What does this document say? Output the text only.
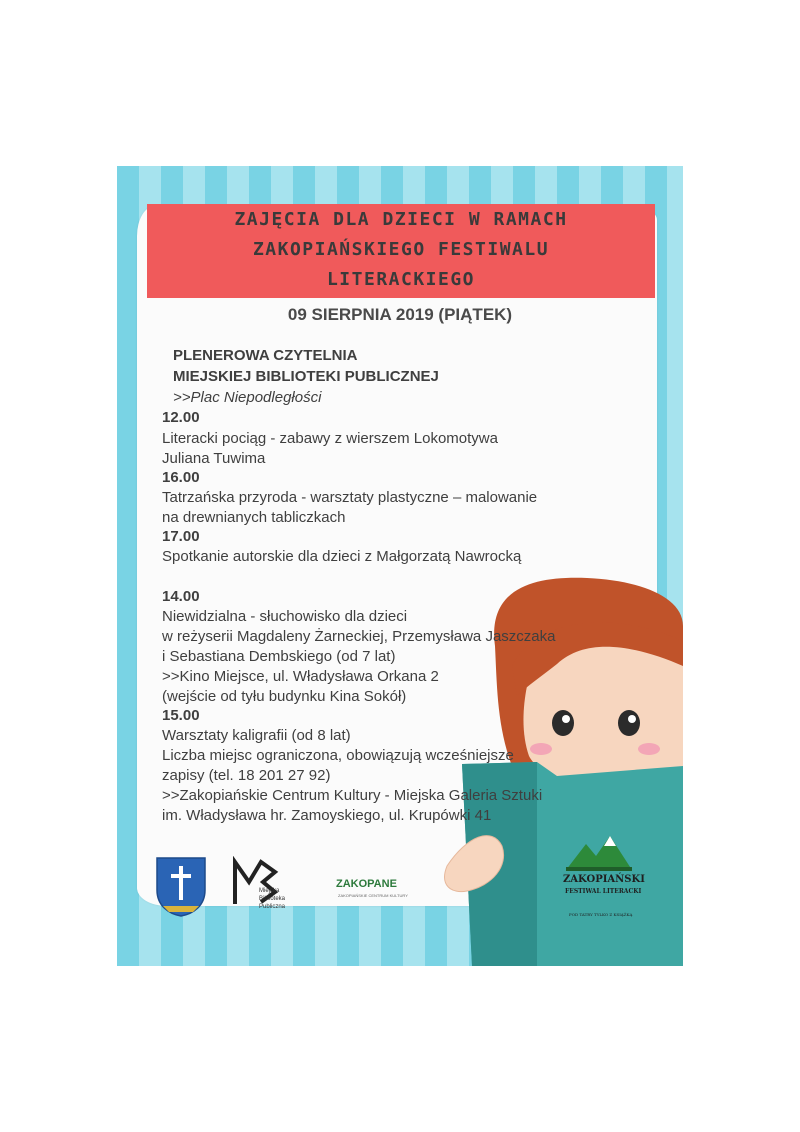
ZAJĘCIA DLA DZIECI W RAMACH
ZAKOPIAŃSKIEGO FESTIWALU
LITERACKIEGO
09 SIERPNIA 2019 (PIĄTEK)
PLENEROWA CZYTELNIA
MIEJSKIEJ BIBLIOTEKI PUBLICZNEJ
>>Plac Niepodległości
12.00
Literacki pociąg - zabawy z wierszem Lokomotywa
Juliana Tuwima
16.00
Tatrzańska przyroda - warsztaty plastyczne – malowanie
na drewnianych tabliczkach
17.00
Spotkanie autorskie dla dzieci z Małgorzatą Nawrocką
14.00
Niewidzialna - słuchowisko dla dzieci
w reżyserii Magdaleny Żarneckiej, Przemysława Jaszczaka
i Sebastiana Dembskiego (od 7 lat)
>>Kino Miejsce, ul. Władysława Orkana 2
(wejście od tyłu budynku Kina Sokół)
15.00
Warsztaty kaligrafii (od 8 lat)
Liczba miejsc ograniczona, obowiązują wcześniejsze
zapisy (tel. 18 201 27 92)
>>Zakopiańskie Centrum Kultury - Miejska Galeria Sztuki
im. Władysława hr. Zamoyskiego, ul. Krupówki 41
Miejska
Biblioteka
Publiczna
ZAKOPANE
ZAKOPIAŃSKIE CENTRUM KULTURY
ZAKOPIAŃSKI
FESTIWAL LITERACKI
POD TATRY TYLKO Z KSIĄŻKĄ
